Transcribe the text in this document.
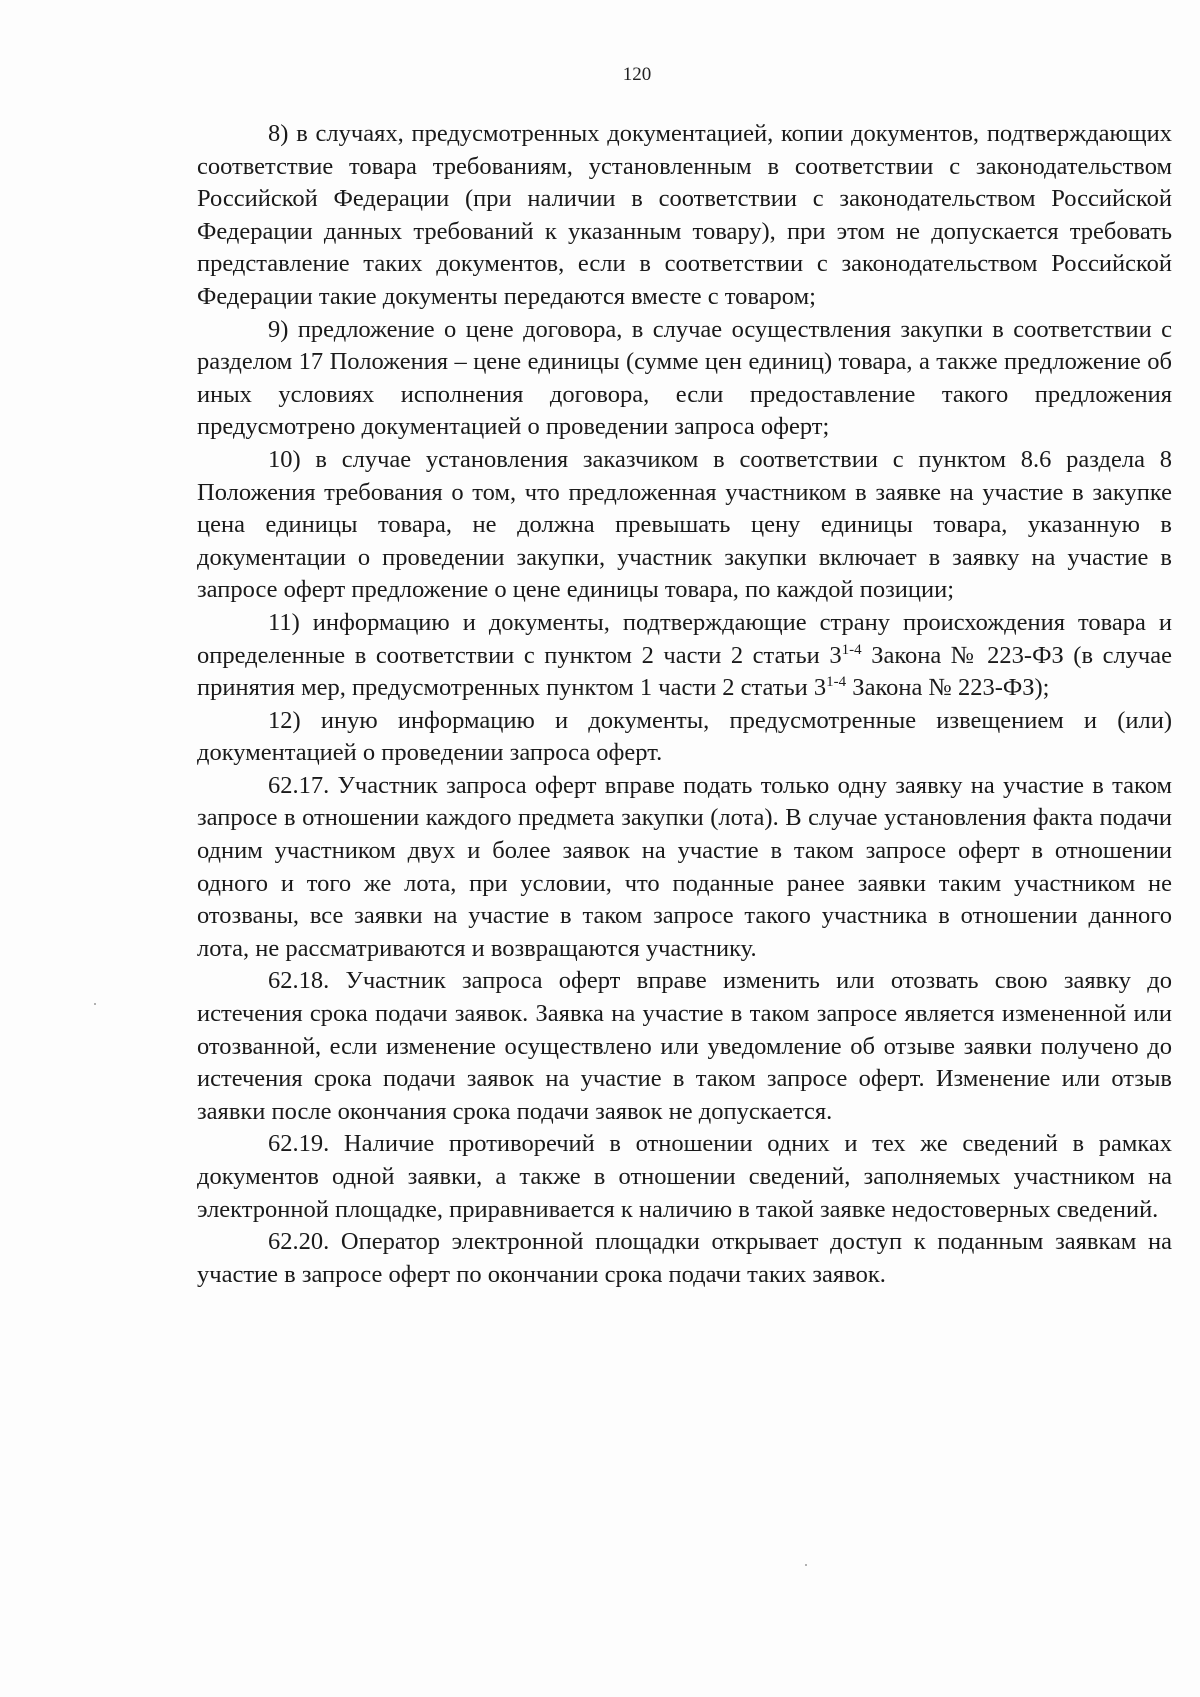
120

8) в случаях, предусмотренных документацией, копии документов, подтверждающих соответствие товара требованиям, установленным в соответствии с законодательством Российской Федерации (при наличии в соответствии с законодательством Российской Федерации данных требований к указанным товару), при этом не допускается требовать представление таких документов, если в соответствии с законодательством Российской Федерации такие документы передаются вместе с товаром;

9) предложение о цене договора, в случае осуществления закупки в соответствии с разделом 17 Положения – цене единицы (сумме цен единиц) товара, а также предложение об иных условиях исполнения договора, если предоставление такого предложения предусмотрено документацией о проведении запроса оферт;

10) в случае установления заказчиком в соответствии с пунктом 8.6 раздела 8 Положения требования о том, что предложенная участником в заявке на участие в закупке цена единицы товара, не должна превышать цену единицы товара, указанную в документации о проведении закупки, участник закупки включает в заявку на участие в запросе оферт предложение о цене единицы товара, по каждой позиции;

11) информацию и документы, подтверждающие страну происхождения товара и определенные в соответствии с пунктом 2 части 2 статьи 3$^{1-4}$ Закона № 223-ФЗ (в случае принятия мер, предусмотренных пунктом 1 части 2 статьи 3$^{1-4}$ Закона № 223-ФЗ);

12) иную информацию и документы, предусмотренные извещением и (или) документацией о проведении запроса оферт.

62.17. Участник запроса оферт вправе подать только одну заявку на участие в таком запросе в отношении каждого предмета закупки (лота). В случае установления факта подачи одним участником двух и более заявок на участие в таком запросе оферт в отношении одного и того же лота, при условии, что поданные ранее заявки таким участником не отозваны, все заявки на участие в таком запросе такого участника в отношении данного лота, не рассматриваются и возвращаются участнику.

62.18. Участник запроса оферт вправе изменить или отозвать свою заявку до истечения срока подачи заявок. Заявка на участие в таком запросе является измененной или отозванной, если изменение осуществлено или уведомление об отзыве заявки получено до истечения срока подачи заявок на участие в таком запросе оферт. Изменение или отзыв заявки после окончания срока подачи заявок не допускается.

62.19. Наличие противоречий в отношении одних и тех же сведений в рамках документов одной заявки, а также в отношении сведений, заполняемых участником на электронной площадке, приравнивается к наличию в такой заявке недостоверных сведений.

62.20. Оператор электронной площадки открывает доступ к поданным заявкам на участие в запросе оферт по окончании срока подачи таких заявок.
